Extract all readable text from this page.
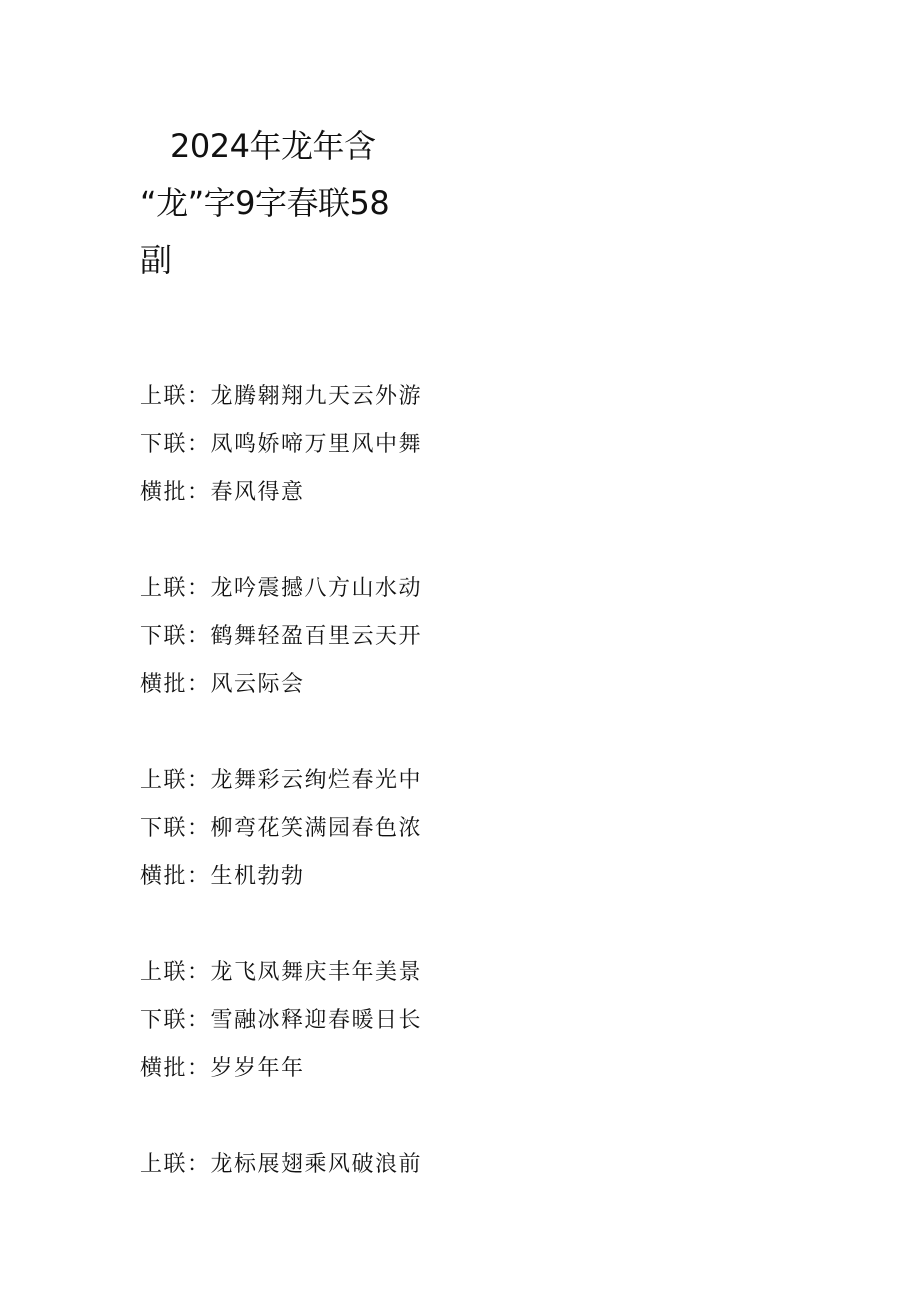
2024年龙年含
“龙”字9字春联58
副
上联：龙腾翱翔九天云外游
下联：凤鸣娇啼万里风中舞
横批：春风得意
上联：龙吟震撼八方山水动
下联：鹤舞轻盈百里云天开
横批：风云际会
上联：龙舞彩云绚烂春光中
下联：柳弯花笑满园春色浓
横批：生机勃勃
上联：龙飞凤舞庆丰年美景
下联：雪融冰释迎春暖日长
横批：岁岁年年
上联：龙标展翅乘风破浪前
